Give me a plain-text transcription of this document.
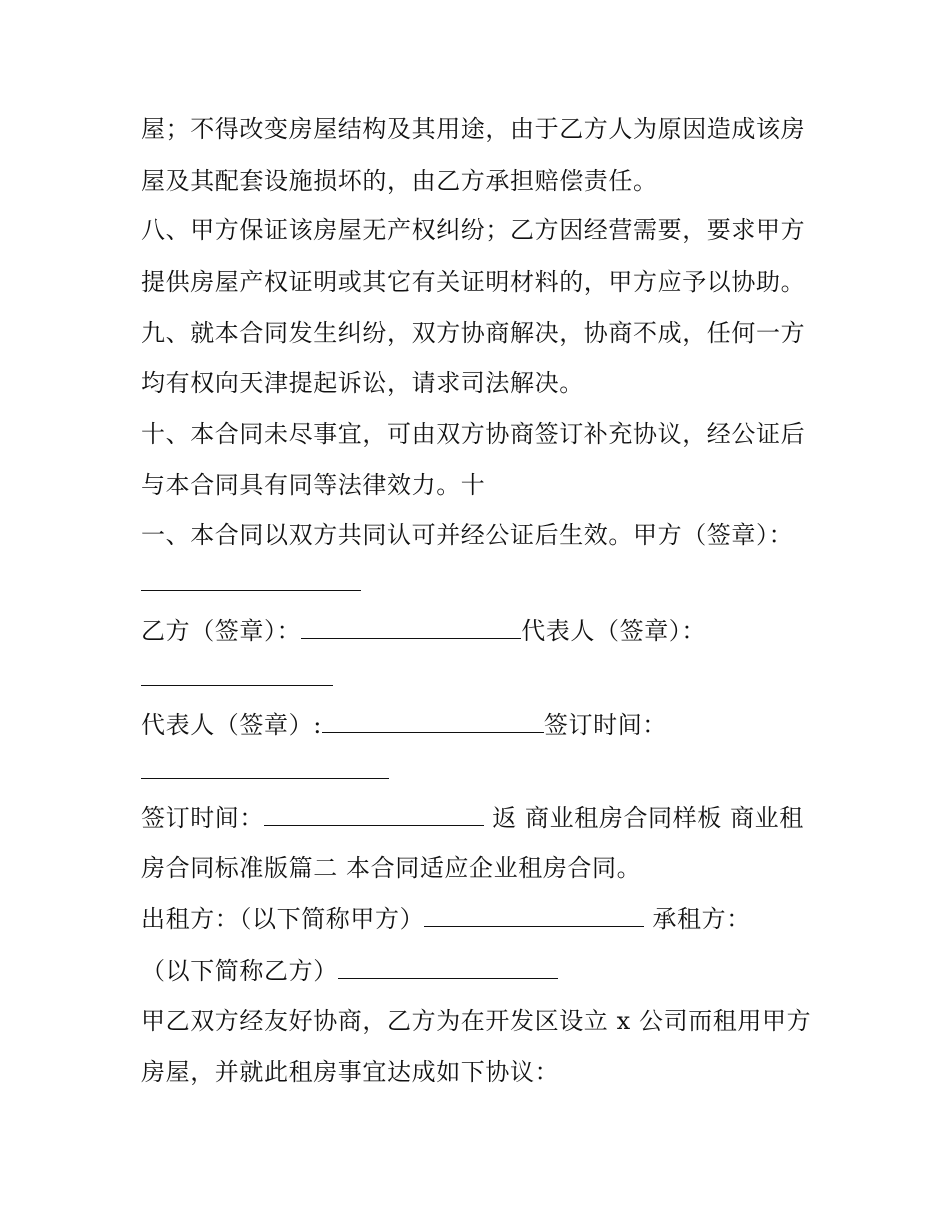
屋；不得改变房屋结构及其用途，由于乙方人为原因造成该房
屋及其配套设施损坏的，由乙方承担赔偿责任。
八、甲方保证该房屋无产权纠纷；乙方因经营需要，要求甲方
提供房屋产权证明或其它有关证明材料的，甲方应予以协助。
九、就本合同发生纠纷，双方协商解决，协商不成，任何一方
均有权向天津提起诉讼，请求司法解决。
十、本合同未尽事宜，可由双方协商签订补充协议，经公证后
与本合同具有同等法律效力。十
一、本合同以双方共同认可并经公证后生效。甲方（签章）：
乙方（签章）：	代表人（签章）：
代表人（签章）:	签订时间：
签订时间：	返 商业租房合同样板 商业租
房合同标准版篇二 本合同适应企业租房合同。
出租方：（以下简称甲方）	承租方：
（以下简称乙方）
甲乙双方经友好协商，乙方为在开发区设立 x 公司而租用甲方
房屋，并就此租房事宜达成如下协议：
